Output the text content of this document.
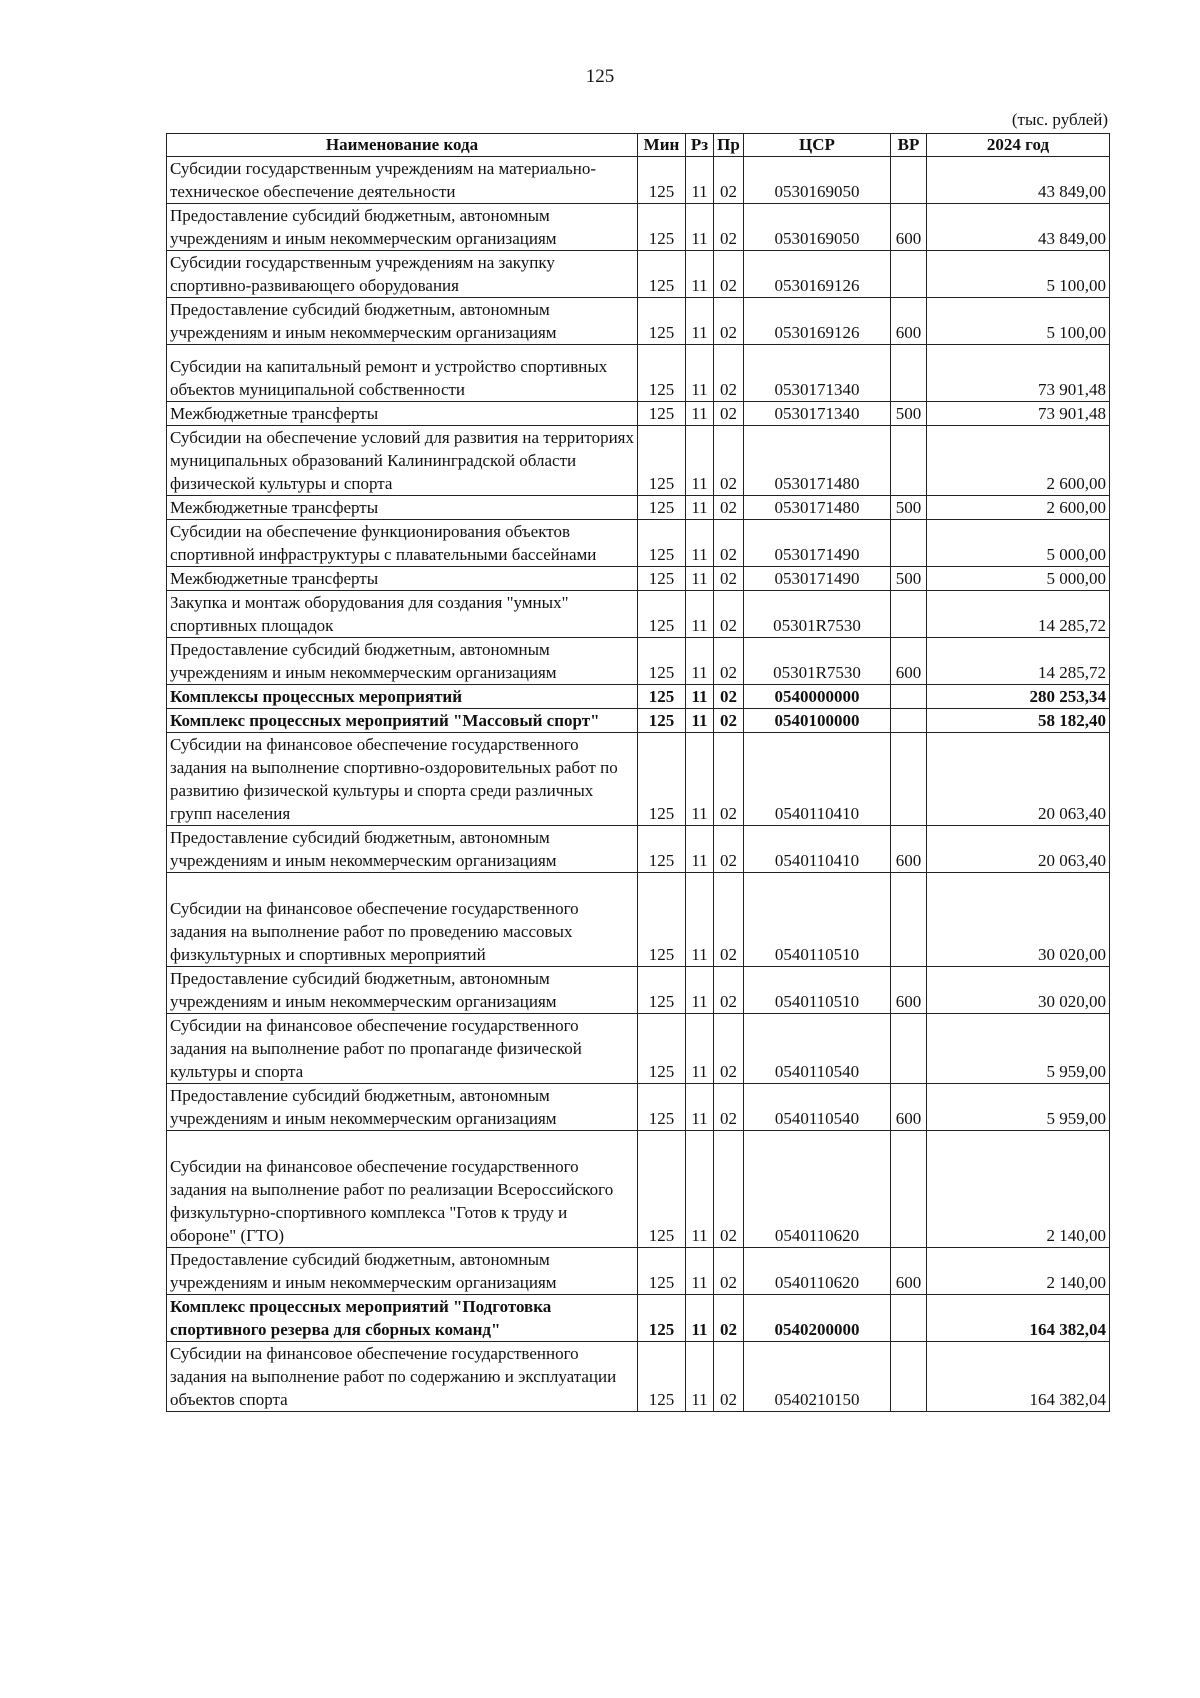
125
(тыс. рублей)
Наименование кода	Мин	Рз	Пр	ЦСР	ВР	2024 год
Субсидии государственным учреждениям на материально-техническое обеспечение деятельности	125	11	02	0530169050		43 849,00
Предоставление субсидий бюджетным, автономным учреждениям и иным некоммерческим организациям	125	11	02	0530169050	600	43 849,00
Субсидии государственным учреждениям на закупку спортивно-развивающего оборудования	125	11	02	0530169126		5 100,00
Предоставление субсидий бюджетным, автономным учреждениям и иным некоммерческим организациям	125	11	02	0530169126	600	5 100,00
Субсидии на капитальный ремонт и устройство спортивных объектов муниципальной собственности	125	11	02	0530171340		73 901,48
Межбюджетные трансферты	125	11	02	0530171340	500	73 901,48
Субсидии на обеспечение условий для развития на территориях муниципальных образований Калининградской области физической культуры и спорта	125	11	02	0530171480		2 600,00
Межбюджетные трансферты	125	11	02	0530171480	500	2 600,00
Субсидии на обеспечение функционирования объектов спортивной инфраструктуры с плавательными бассейнами	125	11	02	0530171490		5 000,00
Межбюджетные трансферты	125	11	02	0530171490	500	5 000,00
Закупка и монтаж оборудования для создания "умных" спортивных площадок	125	11	02	05301R7530		14 285,72
Предоставление субсидий бюджетным, автономным учреждениям и иным некоммерческим организациям	125	11	02	05301R7530	600	14 285,72
Комплексы процессных мероприятий	125	11	02	0540000000		280 253,34
Комплекс процессных мероприятий "Массовый спорт"	125	11	02	0540100000		58 182,40
Субсидии на финансовое обеспечение государственного задания на выполнение спортивно-оздоровительных работ по развитию физической культуры и спорта среди различных групп населения	125	11	02	0540110410		20 063,40
Предоставление субсидий бюджетным, автономным учреждениям и иным некоммерческим организациям	125	11	02	0540110410	600	20 063,40
Субсидии на финансовое обеспечение государственного задания на выполнение работ по проведению массовых физкультурных и спортивных мероприятий	125	11	02	0540110510		30 020,00
Предоставление субсидий бюджетным, автономным учреждениям и иным некоммерческим организациям	125	11	02	0540110510	600	30 020,00
Субсидии на финансовое обеспечение государственного задания на выполнение работ по пропаганде физической культуры и спорта	125	11	02	0540110540		5 959,00
Предоставление субсидий бюджетным, автономным учреждениям и иным некоммерческим организациям	125	11	02	0540110540	600	5 959,00
Субсидии на финансовое обеспечение государственного задания на выполнение работ по реализации Всероссийского физкультурно-спортивного комплекса "Готов к труду и обороне" (ГТО)	125	11	02	0540110620		2 140,00
Предоставление субсидий бюджетным, автономным учреждениям и иным некоммерческим организациям	125	11	02	0540110620	600	2 140,00
Комплекс процессных мероприятий "Подготовка спортивного резерва для сборных команд"	125	11	02	0540200000		164 382,04
Субсидии на финансовое обеспечение государственного задания на выполнение работ по содержанию и эксплуатации объектов спорта	125	11	02	0540210150		164 382,04
